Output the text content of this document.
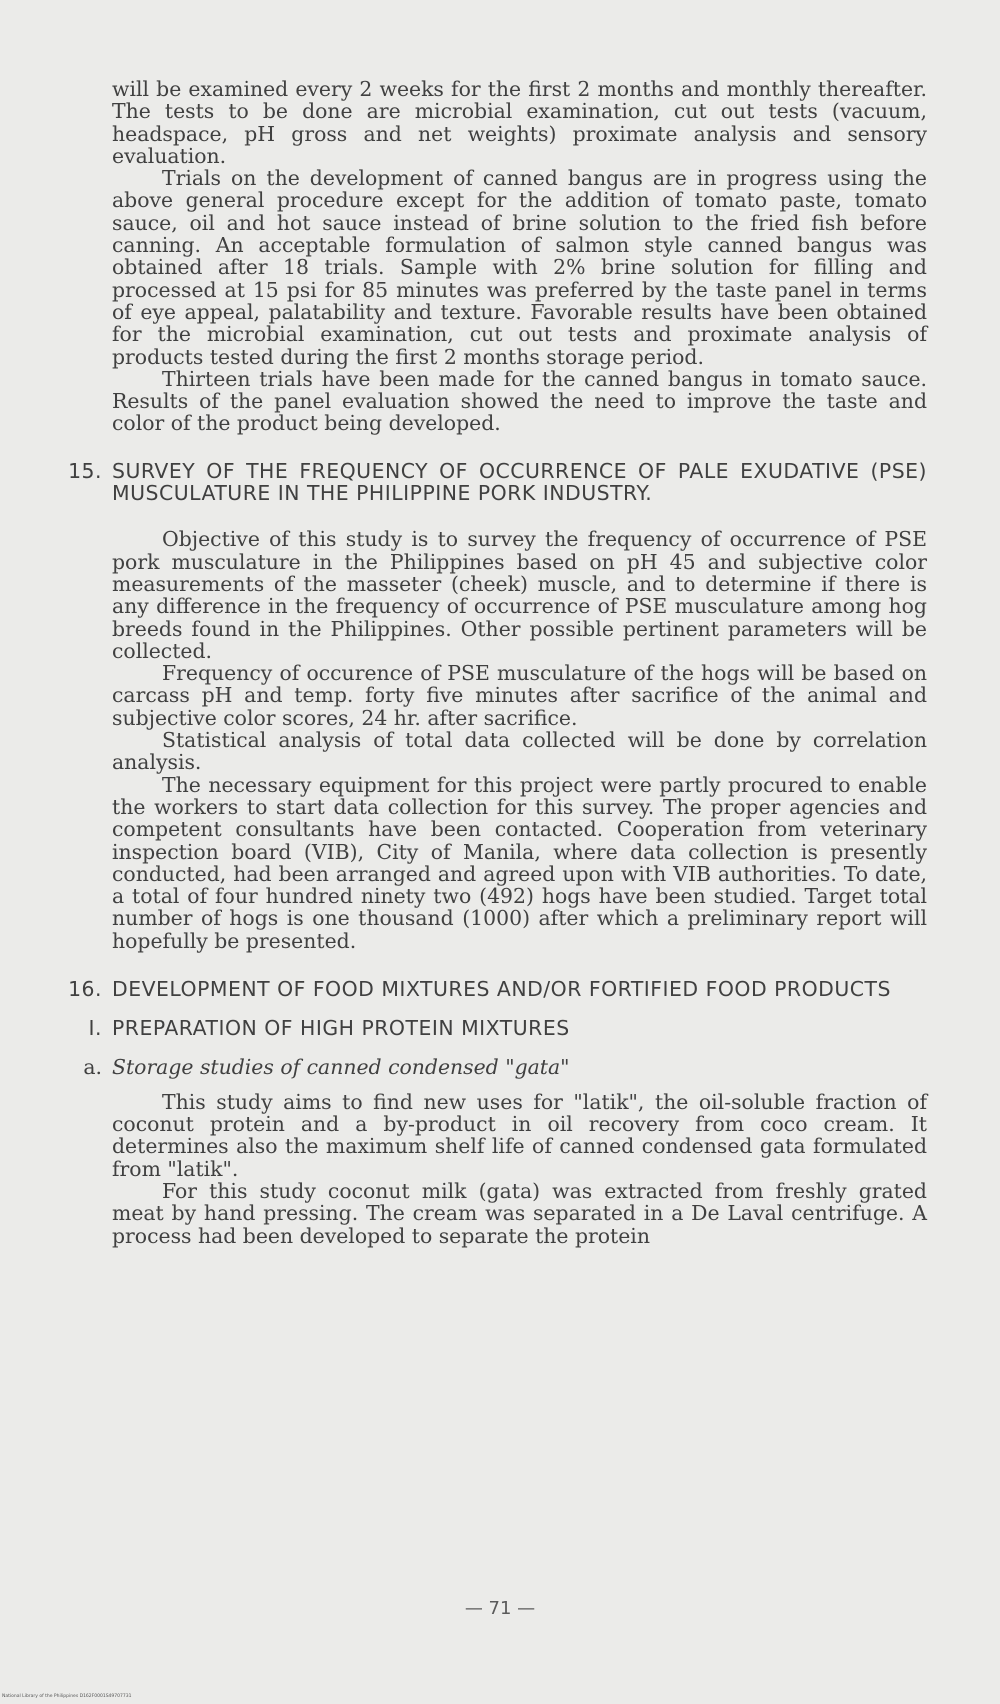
will be examined every 2 weeks for the first 2 months and monthly thereafter. The tests to be done are microbial examination, cut out tests (vacuum, headspace, pH gross and net weights) proximate analysis and sensory evaluation.

Trials on the development of canned bangus are in progress using the above general procedure except for the addition of tomato paste, tomato sauce, oil and hot sauce instead of brine solution to the fried fish before canning. An acceptable formulation of salmon style canned bangus was obtained after 18 trials. Sample with 2% brine solution for filling and processed at 15 psi for 85 minutes was preferred by the taste panel in terms of eye appeal, palatability and texture. Favorable results have been obtained for the microbial examination, cut out tests and proximate analysis of products tested during the first 2 months storage period.

Thirteen trials have been made for the canned bangus in tomato sauce. Results of the panel evaluation showed the need to improve the taste and color of the product being developed.

15. SURVEY OF THE FREQUENCY OF OCCURRENCE OF PALE EXUDATIVE (PSE) MUSCULATURE IN THE PHILIPPINE PORK INDUSTRY.

Objective of this study is to survey the frequency of occurrence of PSE pork musculature in the Philippines based on pH 45 and subjective color measurements of the masseter (cheek) muscle, and to determine if there is any difference in the frequency of occurrence of PSE musculature among hog breeds found in the Philippines. Other possible pertinent parameters will be collected.

Frequency of occurence of PSE musculature of the hogs will be based on carcass pH and temp. forty five minutes after sacrifice of the animal and subjective color scores, 24 hr. after sacrifice.

Statistical analysis of total data collected will be done by correlation analysis.

The necessary equipment for this project were partly procured to enable the workers to start data collection for this survey. The proper agencies and competent consultants have been contacted. Cooperation from veterinary inspection board (VIB), City of Manila, where data collection is presently conducted, had been arranged and agreed upon with VIB authorities. To date, a total of four hundred ninety two (492) hogs have been studied. Target total number of hogs is one thousand (1000) after which a preliminary report will hopefully be presented.

16. DEVELOPMENT OF FOOD MIXTURES AND/OR FORTIFIED FOOD PRODUCTS
I. PREPARATION OF HIGH PROTEIN MIXTURES
a. Storage studies of canned condensed "gata"

This study aims to find new uses for "latik", the oil-soluble fraction of coconut protein and a by-product in oil recovery from coco cream. It determines also the maximum shelf life of canned condensed gata formulated from "latik".

For this study coconut milk (gata) was extracted from freshly grated meat by hand pressing. The cream was separated in a De Laval centrifuge. A process had been developed to separate the protein

— 71 —
National Library of the Philippines D162F0001S49707731
